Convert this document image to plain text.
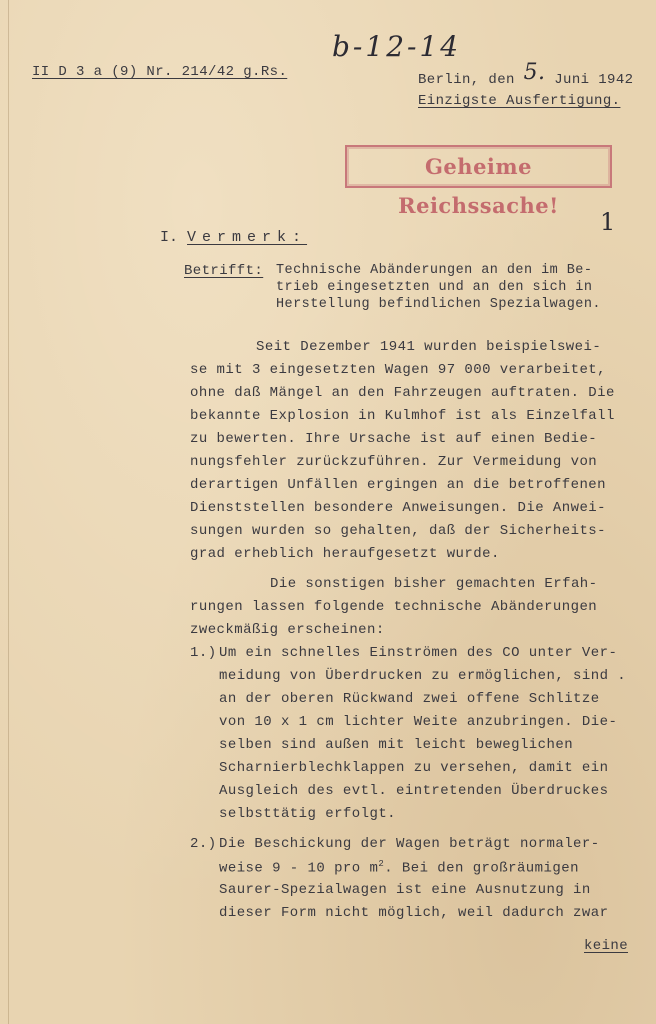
b-12-14
II D 3 a (9) Nr. 214/42 g.Rs.	Berlin, den 5. Juni 1942
Einzigste Ausfertigung.
Geheime Reichssache!
1
I. Vermerk:
Betrifft: Technische Abänderungen an den im Be-
trieb eingesetzten und an den sich in
Herstellung befindlichen Spezialwagen.
Seit Dezember 1941 wurden beispielswei-
se mit 3 eingesetzten Wagen 97 000 verarbeitet,
ohne daß Mängel an den Fahrzeugen auftraten. Die
bekannte Explosion in Kulmhof ist als Einzelfall
zu bewerten. Ihre Ursache ist auf einen Bedie-
nungsfehler zurückzuführen. Zur Vermeidung von
derartigen Unfällen ergingen an die betroffenen
Dienststellen besondere Anweisungen. Die Anwei-
sungen wurden so gehalten, daß der Sicherheits-
grad erheblich heraufgesetzt wurde.
Die sonstigen bisher gemachten Erfah-
rungen lassen folgende technische Abänderungen
zweckmäßig erscheinen:
1.) Um ein schnelles Einströmen des CO unter Ver-
meidung von Überdrucken zu ermöglichen, sind .
an der oberen Rückwand zwei offene Schlitze
von 10 x 1 cm lichter Weite anzubringen. Die-
selben sind außen mit leicht beweglichen
Scharnierblechklappen zu versehen, damit ein
Ausgleich des evtl. eintretenden Überdruckes
selbsttätig erfolgt.
2.) Die Beschickung der Wagen beträgt normaler-
weise 9 - 10 pro $m^2$. Bei den großräumigen
Saurer-Spezialwagen ist eine Ausnutzung in
dieser Form nicht möglich, weil dadurch zwar
keine
